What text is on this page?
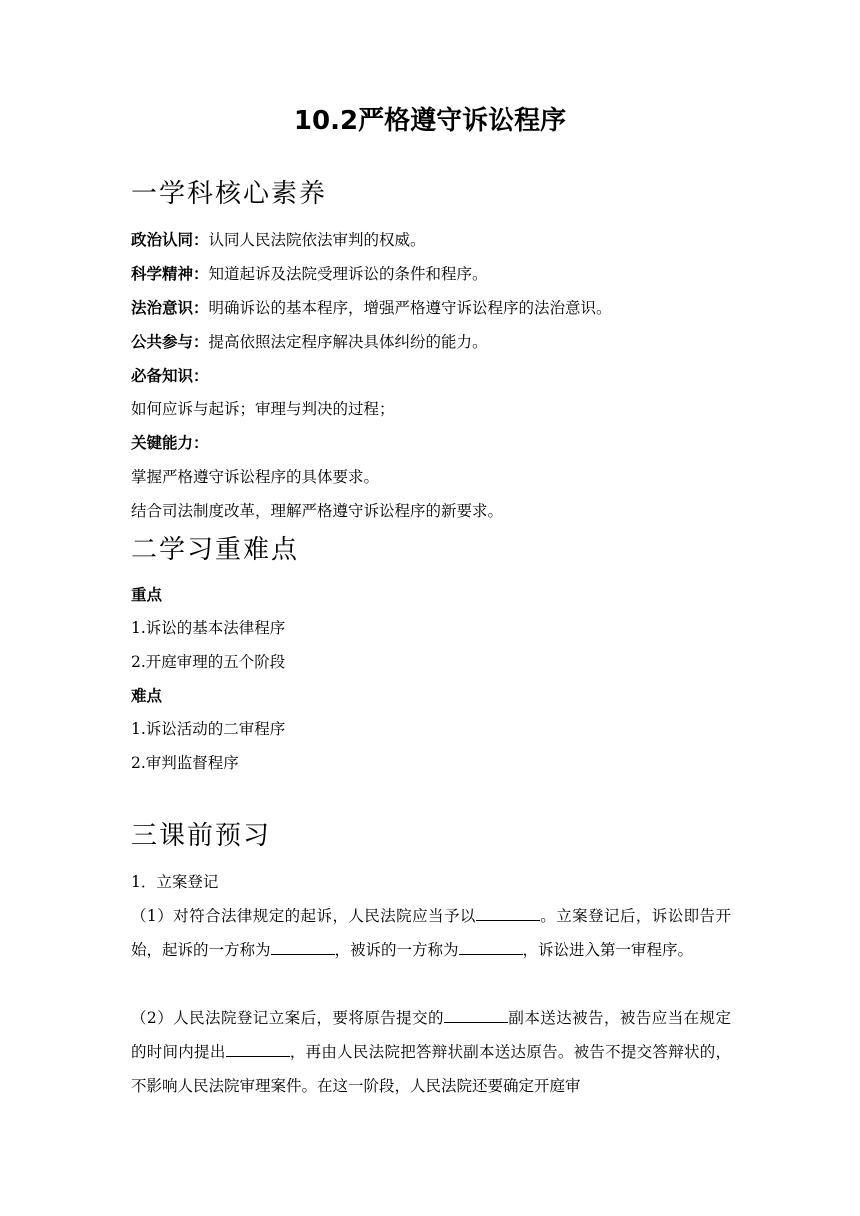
10.2严格遵守诉讼程序
一学科核心素养

政治认同：认同人民法院依法审判的权威。

科学精神：知道起诉及法院受理诉讼的条件和程序。

法治意识：明确诉讼的基本程序，增强严格遵守诉讼程序的法治意识。

公共参与：提高依照法定程序解决具体纠纷的能力。

必备知识：

如何应诉与起诉；审理与判决的过程；

关键能力：

掌握严格遵守诉讼程序的具体要求。

结合司法制度改革，理解严格遵守诉讼程序的新要求。

二学习重难点

重点

1.诉讼的基本法律程序

2.开庭审理的五个阶段

难点

1.诉讼活动的二审程序

2.审判监督程序

三课前预习

1．立案登记

（1）对符合法律规定的起诉，人民法院应当予以	。立案登记后，诉讼即告开始，起诉的一方称为	，被诉的一方称为	，诉讼进入第一审程序。

（2）人民法院登记立案后，要将原告提交的	副本送达被告，被告应当在规定的时间内提出	，再由人民法院把答辩状副本送达原告。被告不提交答辩状的，不影响人民法院审理案件。在这一阶段，人民法院还要确定开庭审
